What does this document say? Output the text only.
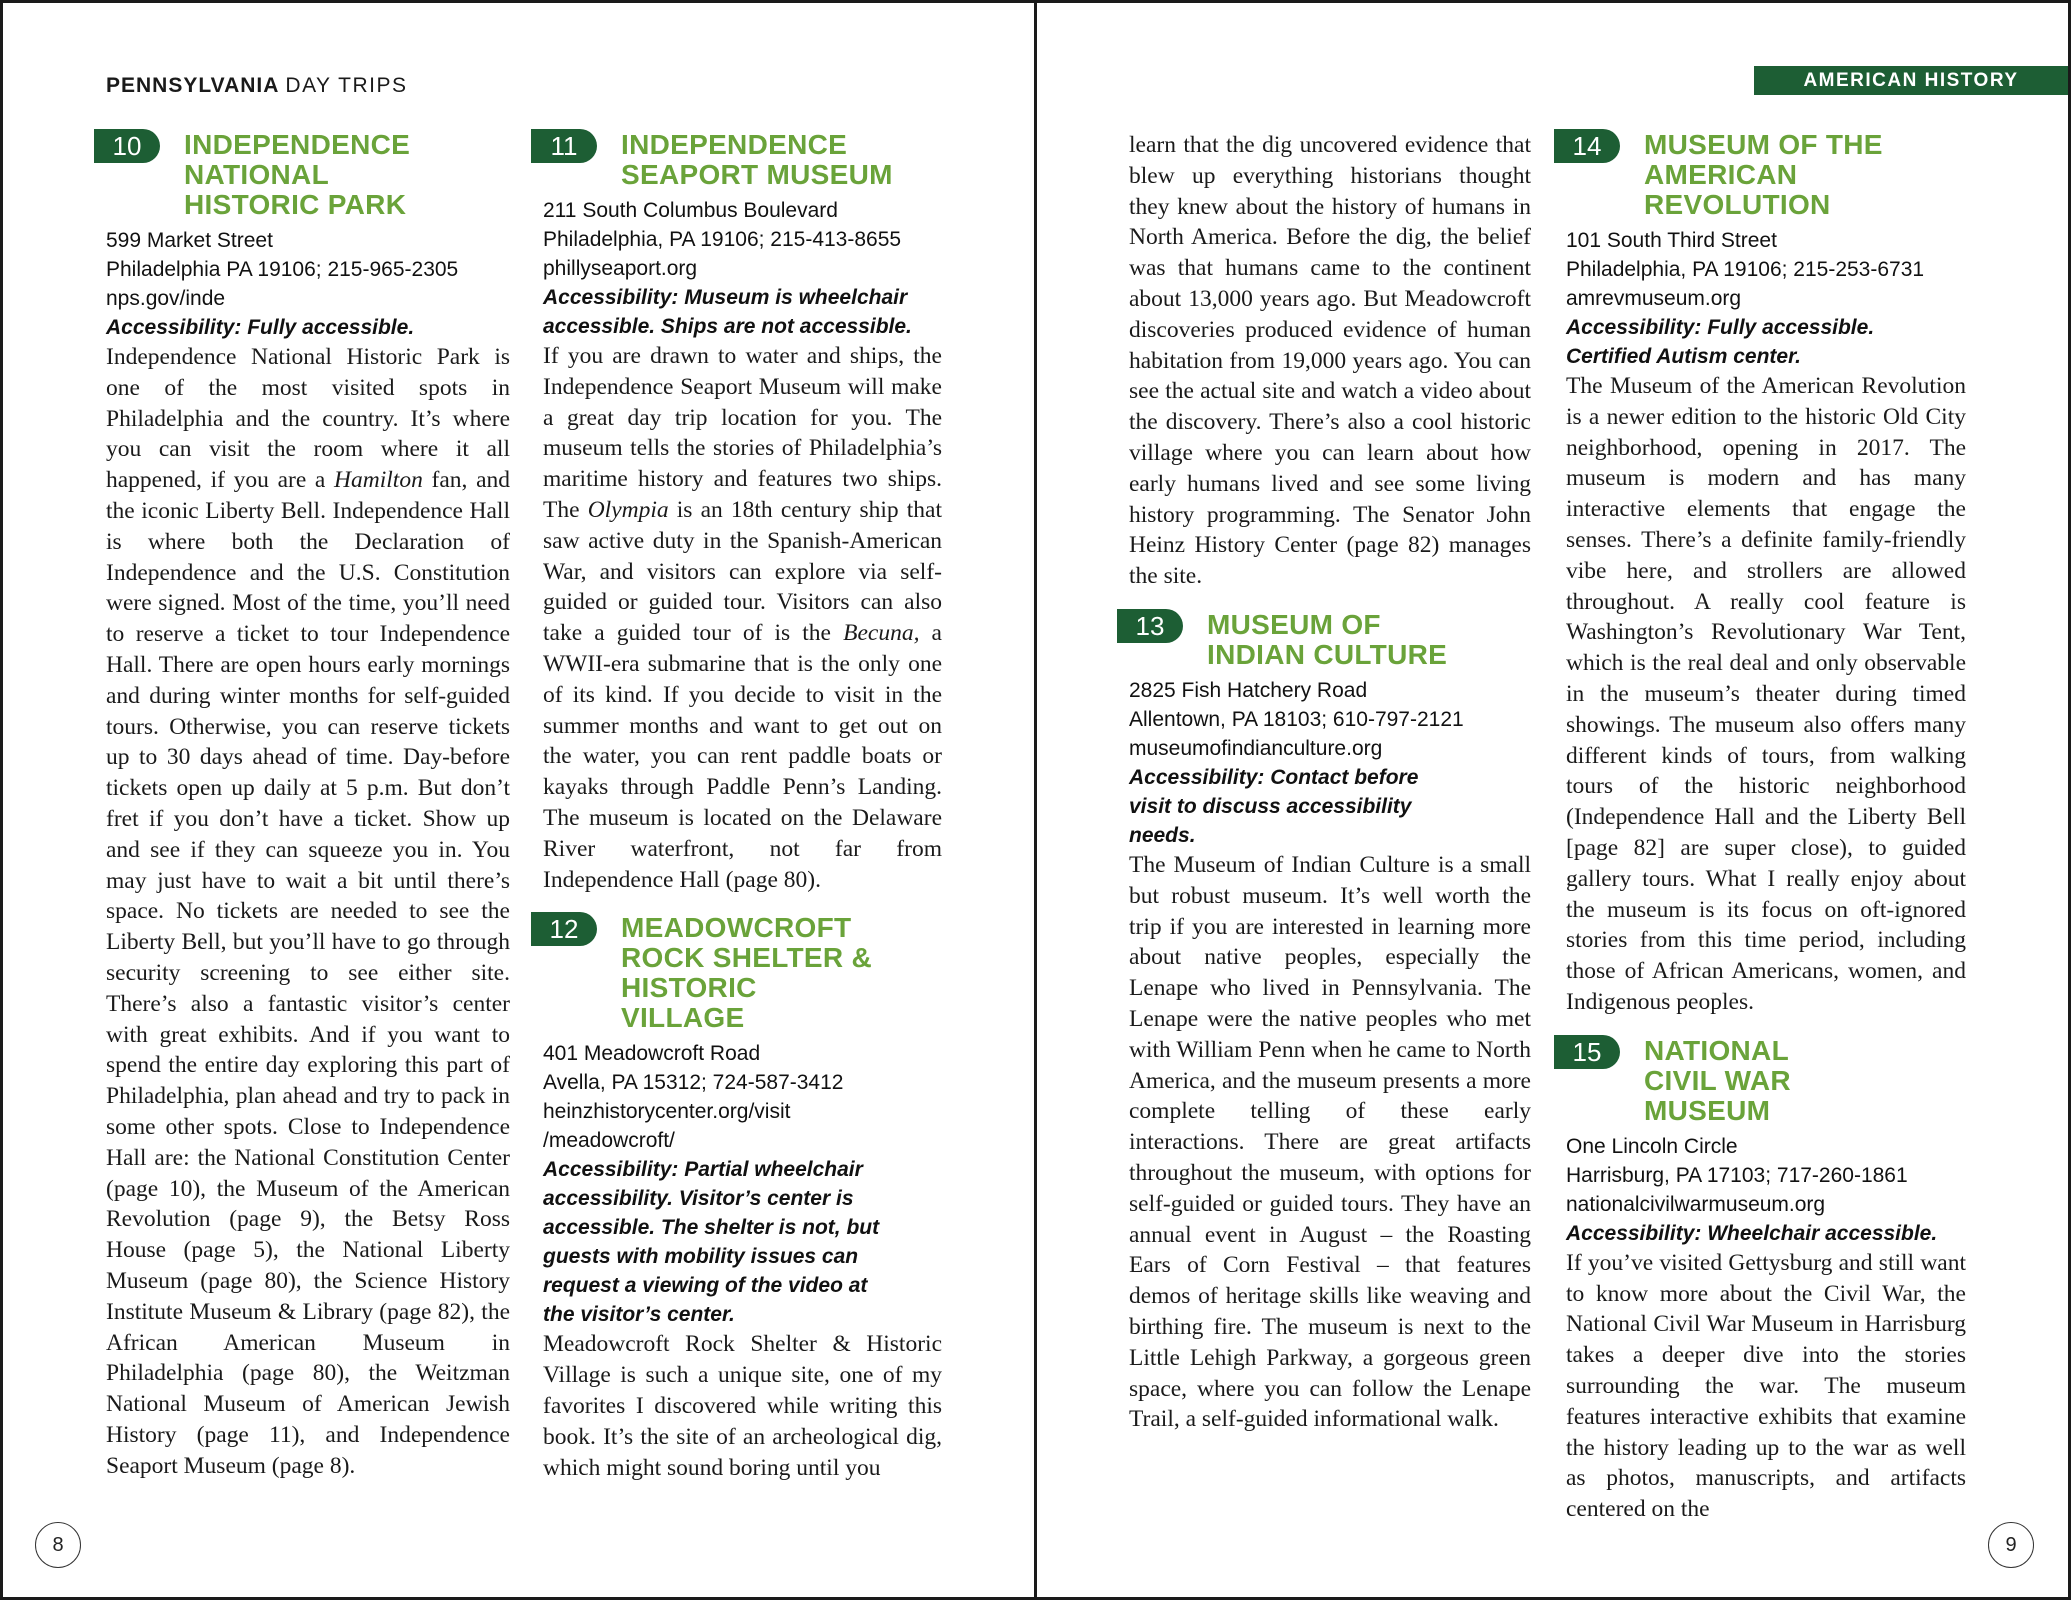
PENNSYLVANIA DAY TRIPS
10	INDEPENDENCE NATIONAL HISTORIC PARK
599 Market Street
Philadelphia PA 19106; 215-965-2305
nps.gov/inde
Accessibility: Fully accessible.
Independence National Historic Park is one of the most visited spots in Philadelphia and the country. It’s where you can visit the room where it all happened, if you are a Hamilton fan, and the iconic Liberty Bell. Independence Hall is where both the Declaration of Independence and the U.S. Constitution were signed. Most of the time, you’ll need to reserve a ticket to tour Independence Hall. There are open hours early mornings and during winter months for self-guided tours. Otherwise, you can reserve tickets up to 30 days ahead of time. Day-before tickets open up daily at 5 p.m. But don’t fret if you don’t have a ticket. Show up and see if they can squeeze you in. You may just have to wait a bit until there’s space. No tickets are needed to see the Liberty Bell, but you’ll have to go through security screening to see either site. There’s also a fantastic visitor’s center with great exhibits. And if you want to spend the entire day exploring this part of Philadelphia, plan ahead and try to pack in some other spots. Close to Independence Hall are: the National Constitution Center (page 10), the Museum of the American Revolution (page 9), the Betsy Ross House (page 5), the National Liberty Museum (page 80), the Science History Institute Museum & Library (page 82), the African American Museum in Philadelphia (page 80), the Weitzman National Museum of American Jewish History (page 11), and Independence Seaport Museum (page 8).
11	INDEPENDENCE SEAPORT MUSEUM
211 South Columbus Boulevard
Philadelphia, PA 19106; 215-413-8655
phillyseaport.org
Accessibility: Museum is wheelchair accessible. Ships are not accessible.
If you are drawn to water and ships, the Independence Seaport Museum will make a great day trip location for you. The museum tells the stories of Philadelphia’s maritime history and features two ships. The Olympia is an 18th century ship that saw active duty in the Spanish-American War, and visitors can explore via self-guided or guided tour. Visitors can also take a guided tour of is the Becuna, a WWII-era submarine that is the only one of its kind. If you decide to visit in the summer months and want to get out on the water, you can rent paddle boats or kayaks through Paddle Penn’s Landing. The museum is located on the Delaware River waterfront, not far from Independence Hall (page 80).
12	MEADOWCROFT ROCK SHELTER & HISTORIC VILLAGE
401 Meadowcroft Road
Avella, PA 15312; 724-587-3412
heinzhistorycenter.org/visit /meadowcroft/
Accessibility: Partial wheelchair accessibility. Visitor’s center is accessible. The shelter is not, but guests with mobility issues can request a viewing of the video at the visitor’s center.
Meadowcroft Rock Shelter & Historic Village is such a unique site, one of my favorites I discovered while writing this book. It’s the site of an archeological dig, which might sound boring until you
8
AMERICAN HISTORY
learn that the dig uncovered evidence that blew up everything historians thought they knew about the history of humans in North America. Before the dig, the belief was that humans came to the continent about 13,000 years ago. But Meadowcroft discoveries produced evidence of human habitation from 19,000 years ago. You can see the actual site and watch a video about the discovery. There’s also a cool historic village where you can learn about how early humans lived and see some living history programming. The Senator John Heinz History Center (page 82) manages the site.
13	MUSEUM OF INDIAN CULTURE
2825 Fish Hatchery Road
Allentown, PA 18103; 610-797-2121
museumofindianculture.org
Accessibility: Contact before visit to discuss accessibility needs.
The Museum of Indian Culture is a small but robust museum. It’s well worth the trip if you are interested in learning more about native peoples, especially the Lenape who lived in Pennsylvania. The Lenape were the native peoples who met with William Penn when he came to North America, and the museum presents a more complete telling of these early interactions. There are great artifacts throughout the museum, with options for self-guided or guided tours. They have an annual event in August – the Roasting Ears of Corn Festival – that features demos of heritage skills like weaving and birthing fire. The museum is next to the Little Lehigh Parkway, a gorgeous green space, where you can follow the Lenape Trail, a self-guided informational walk.
14	MUSEUM OF THE AMERICAN REVOLUTION
101 South Third Street
Philadelphia, PA 19106; 215-253-6731
amrevmuseum.org
Accessibility: Fully accessible. Certified Autism center.
The Museum of the American Revolution is a newer edition to the historic Old City neighborhood, opening in 2017. The museum is modern and has many interactive elements that engage the senses. There’s a definite family-friendly vibe here, and strollers are allowed throughout. A really cool feature is Washington’s Revolutionary War Tent, which is the real deal and only observable in the museum’s theater during timed showings. The museum also offers many different kinds of tours, from walking tours of the historic neighborhood (Independence Hall and the Liberty Bell [page 82] are super close), to guided gallery tours. What I really enjoy about the museum is its focus on oft-ignored stories from this time period, including those of African Americans, women, and Indigenous peoples.
15	NATIONAL CIVIL WAR MUSEUM
One Lincoln Circle
Harrisburg, PA 17103; 717-260-1861
nationalcivilwarmuseum.org
Accessibility: Wheelchair accessible.
If you’ve visited Gettysburg and still want to know more about the Civil War, the National Civil War Museum in Harrisburg takes a deeper dive into the stories surrounding the war. The museum features interactive exhibits that examine the history leading up to the war as well as photos, manuscripts, and artifacts centered on the
9
